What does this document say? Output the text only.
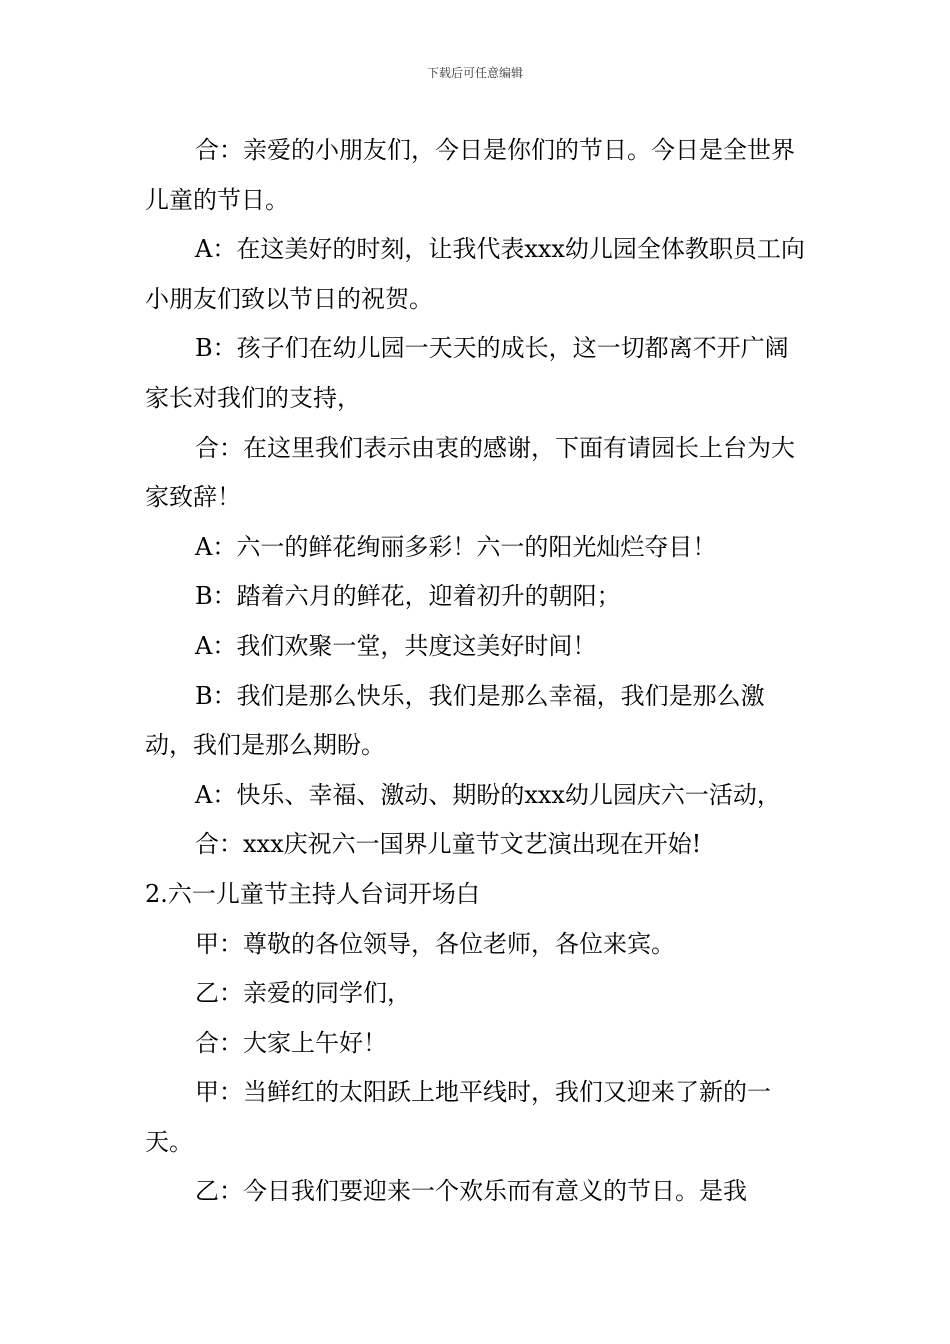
下载后可任意编辑

合：亲爱的小朋友们，今日是你们的节日。今日是全世界儿童的节日。

A：在这美好的时刻，让我代表xxx幼儿园全体教职员工向小朋友们致以节日的祝贺。

B：孩子们在幼儿园一天天的成长，这一切都离不开广阔家长对我们的支持，

合：在这里我们表示由衷的感谢，下面有请园长上台为大家致辞！

A：六一的鲜花绚丽多彩！六一的阳光灿烂夺目！

B：踏着六月的鲜花，迎着初升的朝阳；

A：我们欢聚一堂，共度这美好时间！

B：我们是那么快乐，我们是那么幸福，我们是那么激动，我们是那么期盼。

A：快乐、幸福、激动、期盼的xxx幼儿园庆六一活动，

合：xxx庆祝六一国界儿童节文艺演出现在开始!

2.六一儿童节主持人台词开场白

甲：尊敬的各位领导，各位老师，各位来宾。

乙：亲爱的同学们，

合：大家上午好！

甲：当鲜红的太阳跃上地平线时，我们又迎来了新的一天。

乙：今日我们要迎来一个欢乐而有意义的节日。是我
